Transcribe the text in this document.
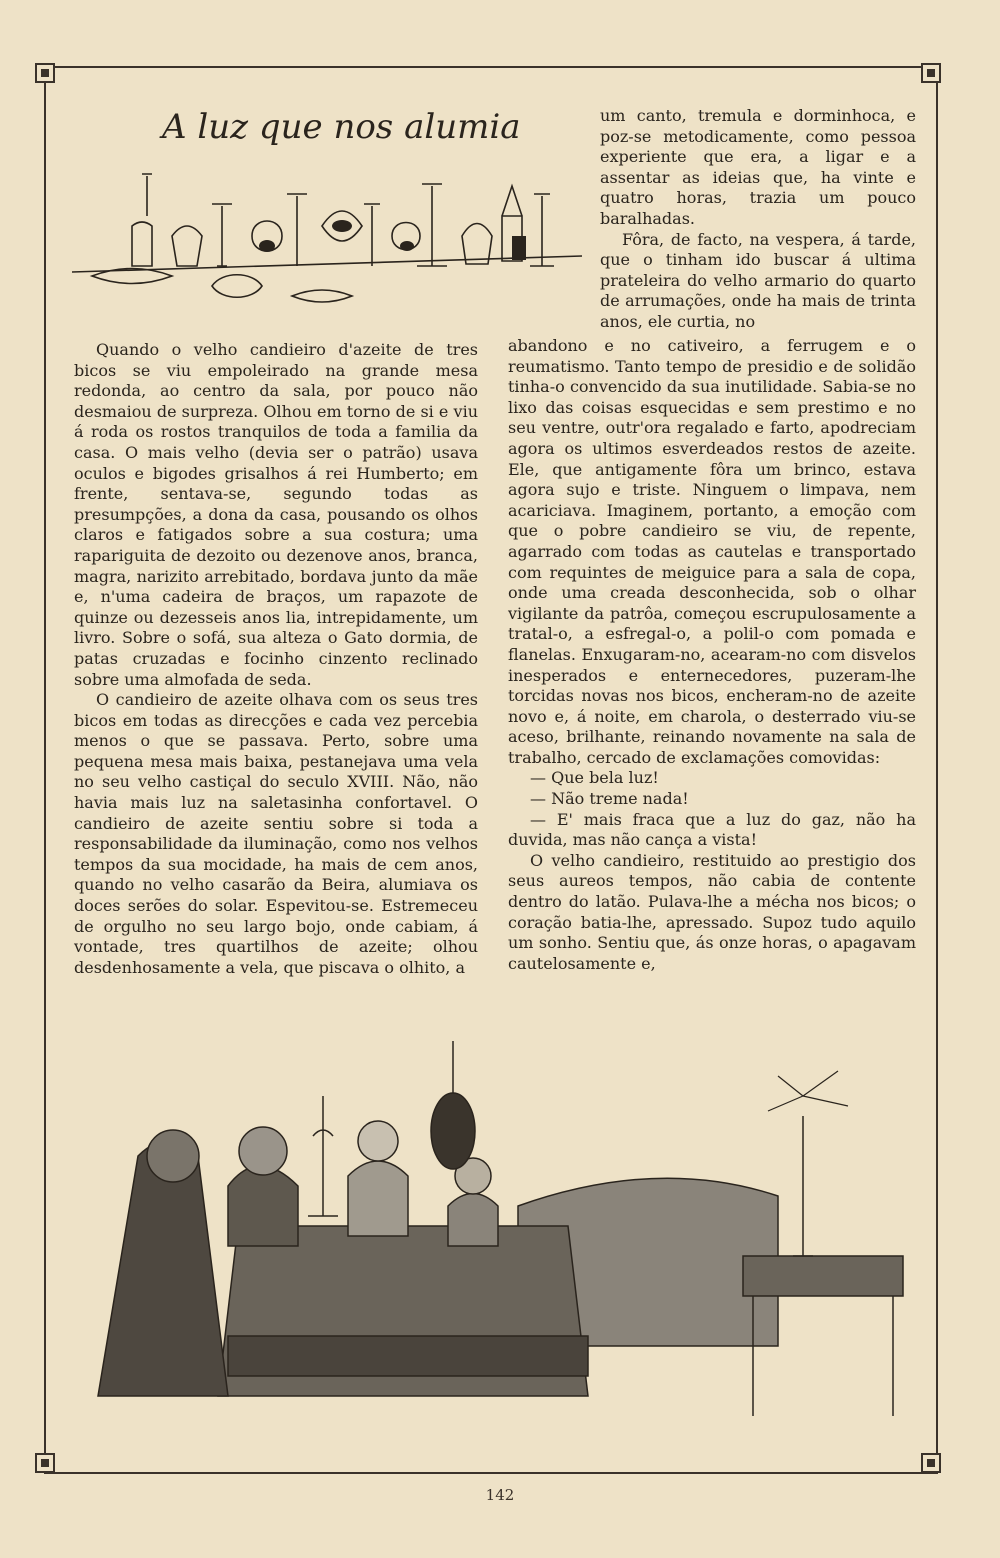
A luz que nos alumia	um canto, tremula e dorminhoca, e poz-se metodicamente, como pessoa experiente que era, a ligar e a assentar as ideias que, ha vinte e quatro horas, trazia um pouco baralhadas.

Fôra, de facto, na vespera, á tarde, que o tinham ido buscar á ultima prateleira do velho armario do quarto de arrumações, onde ha mais de trinta anos, ele curtia, no

Quando o velho candieiro d'azeite de tres bicos se viu empoleirado na grande mesa redonda, ao centro da sala, por pouco não desmaiou de surpreza. Olhou em torno de si e viu á roda os rostos tranquilos de toda a familia da casa. O mais velho (devia ser o patrão) usava oculos e bigodes grisalhos á rei Humberto; em frente, sentava-se, segundo todas as presumpções, a dona da casa, pousando os olhos claros e fatigados sobre a sua costura; uma rapariguita de dezoito ou dezenove anos, branca, magra, narizito arrebitado, bordava junto da mãe e, n'uma cadeira de braços, um rapazote de quinze ou dezesseis anos lia, intrepidamente, um livro. Sobre o sofá, sua alteza o Gato dormia, de patas cruzadas e focinho cinzento reclinado sobre uma almofada de seda.

O candieiro de azeite olhava com os seus tres bicos em todas as direcções e cada vez percebia menos o que se passava. Perto, sobre uma pequena mesa mais baixa, pestanejava uma vela no seu velho castiçal do seculo XVIII. Não, não havia mais luz na saletasinha confortavel. O candieiro de azeite sentiu sobre si toda a responsabilidade da iluminação, como nos velhos tempos da sua mocidade, ha mais de cem anos, quando no velho casarão da Beira, alumiava os doces serões do solar. Espevitou-se. Estremeceu de orgulho no seu largo bojo, onde cabiam, á vontade, tres quartilhos de azeite; olhou desdenhosamente a vela, que piscava o olhito, a

abandono e no cativeiro, a ferrugem e o reumatismo. Tanto tempo de presidio e de solidão tinha-o convencido da sua inutilidade. Sabia-se no lixo das coisas esquecidas e sem prestimo e no seu ventre, outr'ora regalado e farto, apodreciam agora os ultimos esverdeados restos de azeite. Ele, que antigamente fôra um brinco, estava agora sujo e triste. Ninguem o limpava, nem acariciava. Imaginem, portanto, a emoção com que o pobre candieiro se viu, de repente, agarrado com todas as cautelas e transportado com requintes de meiguice para a sala de copa, onde uma creada desconhecida, sob o olhar vigilante da patrôa, começou escrupulosamente a tratal-o, a esfregal-o, a polil-o com pomada e flanelas. Enxugaram-no, acearam-no com disvelos inesperados e enternecedores, puzeram-lhe torcidas novas nos bicos, encheram-no de azeite novo e, á noite, em charola, o desterrado viu-se aceso, brilhante, reinando novamente na sala de trabalho, cercado de exclamações comovidas:

— Que bela luz!

— Não treme nada!

— E' mais fraca que a luz do gaz, não ha duvida, mas não cança a vista!

O velho candieiro, restituido ao prestigio dos seus aureos tempos, não cabia de contente dentro do latão. Pulava-lhe a mécha nos bicos; o coração batia-lhe, apressado. Supoz tudo aquilo um sonho. Sentiu que, ás onze horas, o apagavam cautelosamente e,

142
